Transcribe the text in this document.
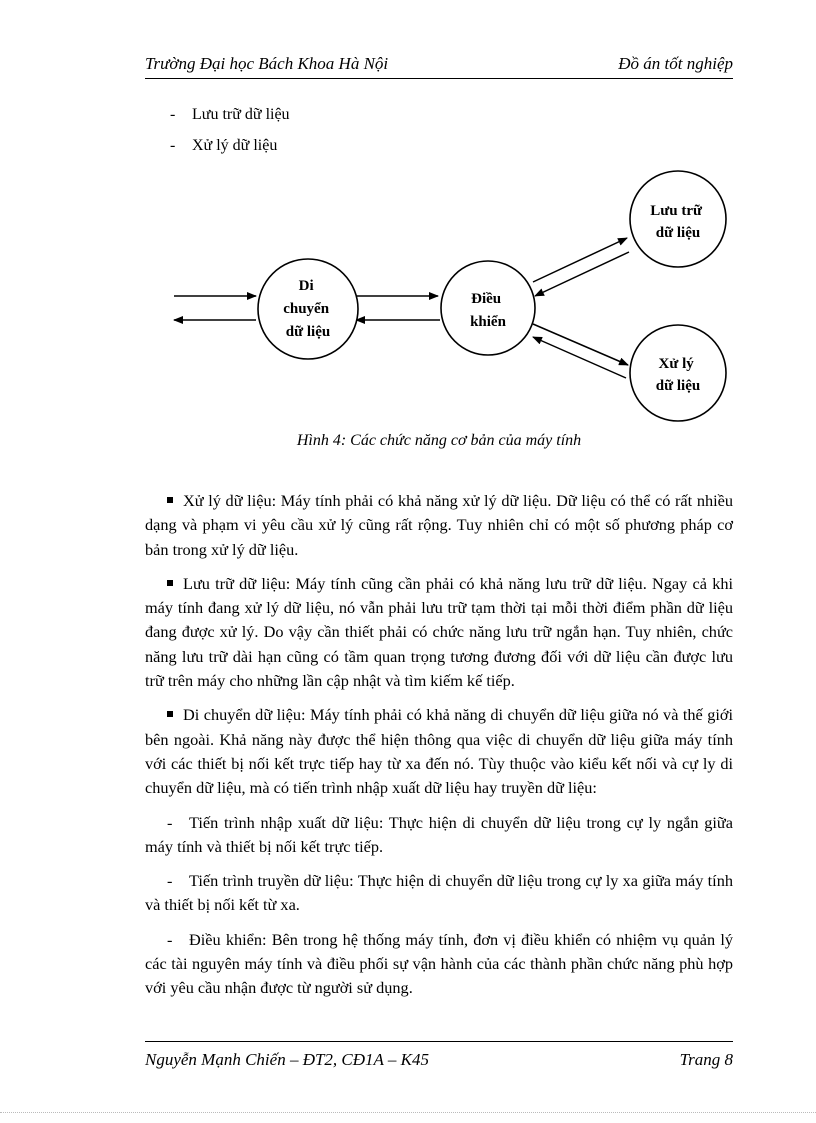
Trường Đại học Bách Khoa Hà Nội	Đồ án tốt nghiệp
- Lưu trữ dữ liệu
- Xử lý dữ liệu
Di chuyển dữ liệu
Điều khiển
Lưu trữ dữ liệu
Xử lý dữ liệu
Hình 4: Các chức năng cơ bản của máy tính

Xử lý dữ liệu: Máy tính phải có khả năng xử lý dữ liệu. Dữ liệu có thể có rất nhiều dạng và phạm vi yêu cầu xử lý cũng rất rộng. Tuy nhiên chỉ có một số phương pháp cơ bản trong xử lý dữ liệu.

Lưu trữ dữ liệu: Máy tính cũng cần phải có khả năng lưu trữ dữ liệu. Ngay cả khi máy tính đang xử lý dữ liệu, nó vẫn phải lưu trữ tạm thời tại mỗi thời điểm phần dữ liệu đang được xử lý. Do vậy cần thiết phải có chức năng lưu trữ ngắn hạn. Tuy nhiên, chức năng lưu trữ dài hạn cũng có tầm quan trọng tương đương đối với dữ liệu cần được lưu trữ trên máy cho những lần cập nhật và tìm kiếm kế tiếp.

Di chuyển dữ liệu: Máy tính phải có khả năng di chuyển dữ liệu giữa nó và thế giới bên ngoài. Khả năng này được thể hiện thông qua việc di chuyển dữ liệu giữa máy tính với các thiết bị nối kết trực tiếp hay từ xa đến nó. Tùy thuộc vào kiểu kết nối và cự ly di chuyển dữ liệu, mà có tiến trình nhập xuất dữ liệu hay truyền dữ liệu:

- Tiến trình nhập xuất dữ liệu: Thực hiện di chuyển dữ liệu trong cự ly ngắn giữa máy tính và thiết bị nối kết trực tiếp.

- Tiến trình truyền dữ liệu: Thực hiện di chuyển dữ liệu trong cự ly xa giữa máy tính và thiết bị nối kết từ xa.

- Điều khiển: Bên trong hệ thống máy tính, đơn vị điều khiển có nhiệm vụ quản lý các tài nguyên máy tính và điều phối sự vận hành của các thành phần chức năng phù hợp với yêu cầu nhận được từ người sử dụng.

Nguyễn Mạnh Chiến – ĐT2, CĐ1A – K45	Trang 8
